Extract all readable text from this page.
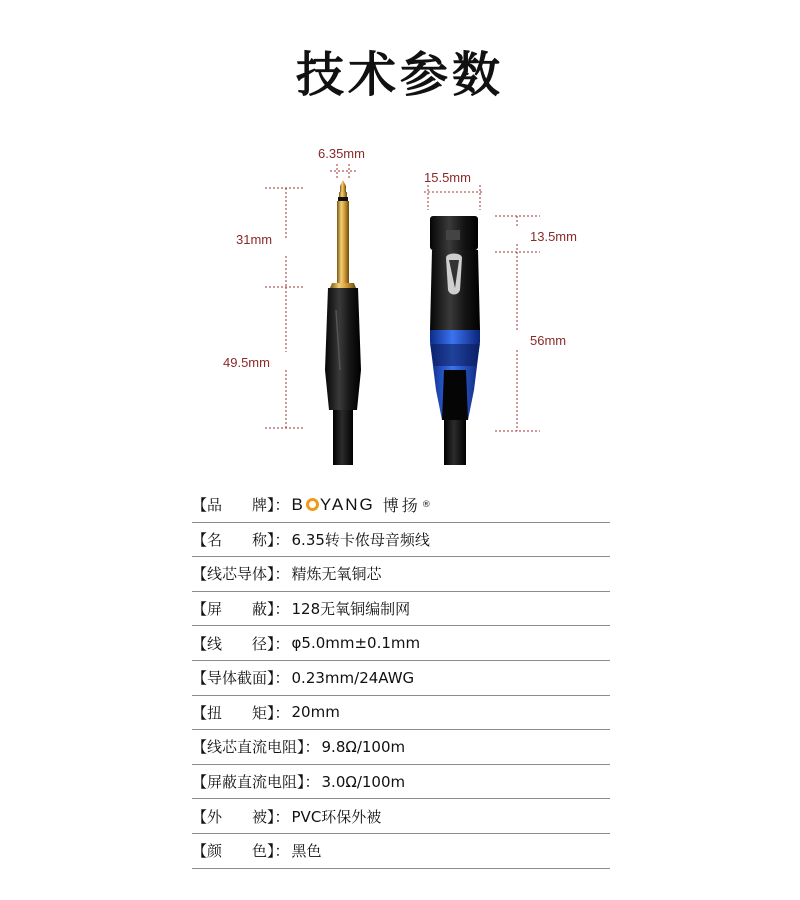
技术参数
6.35mm
31mm
49.5mm
15.5mm
13.5mm
56mm
【品　　牌】： B YANG 博扬 ®
【名　　称】： 6.35转卡侬母音频线
【线芯导体】： 精炼无氧铜芯
【屏　　蔽】： 128无氧铜编制网
【线　　径】： φ5.0mm±0.1mm
【导体截面】： 0.23mm/24AWG
【扭　　矩】： 20mm
【线芯直流电阻】： 9.8Ω/100m
【屏蔽直流电阻】： 3.0Ω/100m
【外　　被】： PVC环保外被
【颜　　色】： 黑色
